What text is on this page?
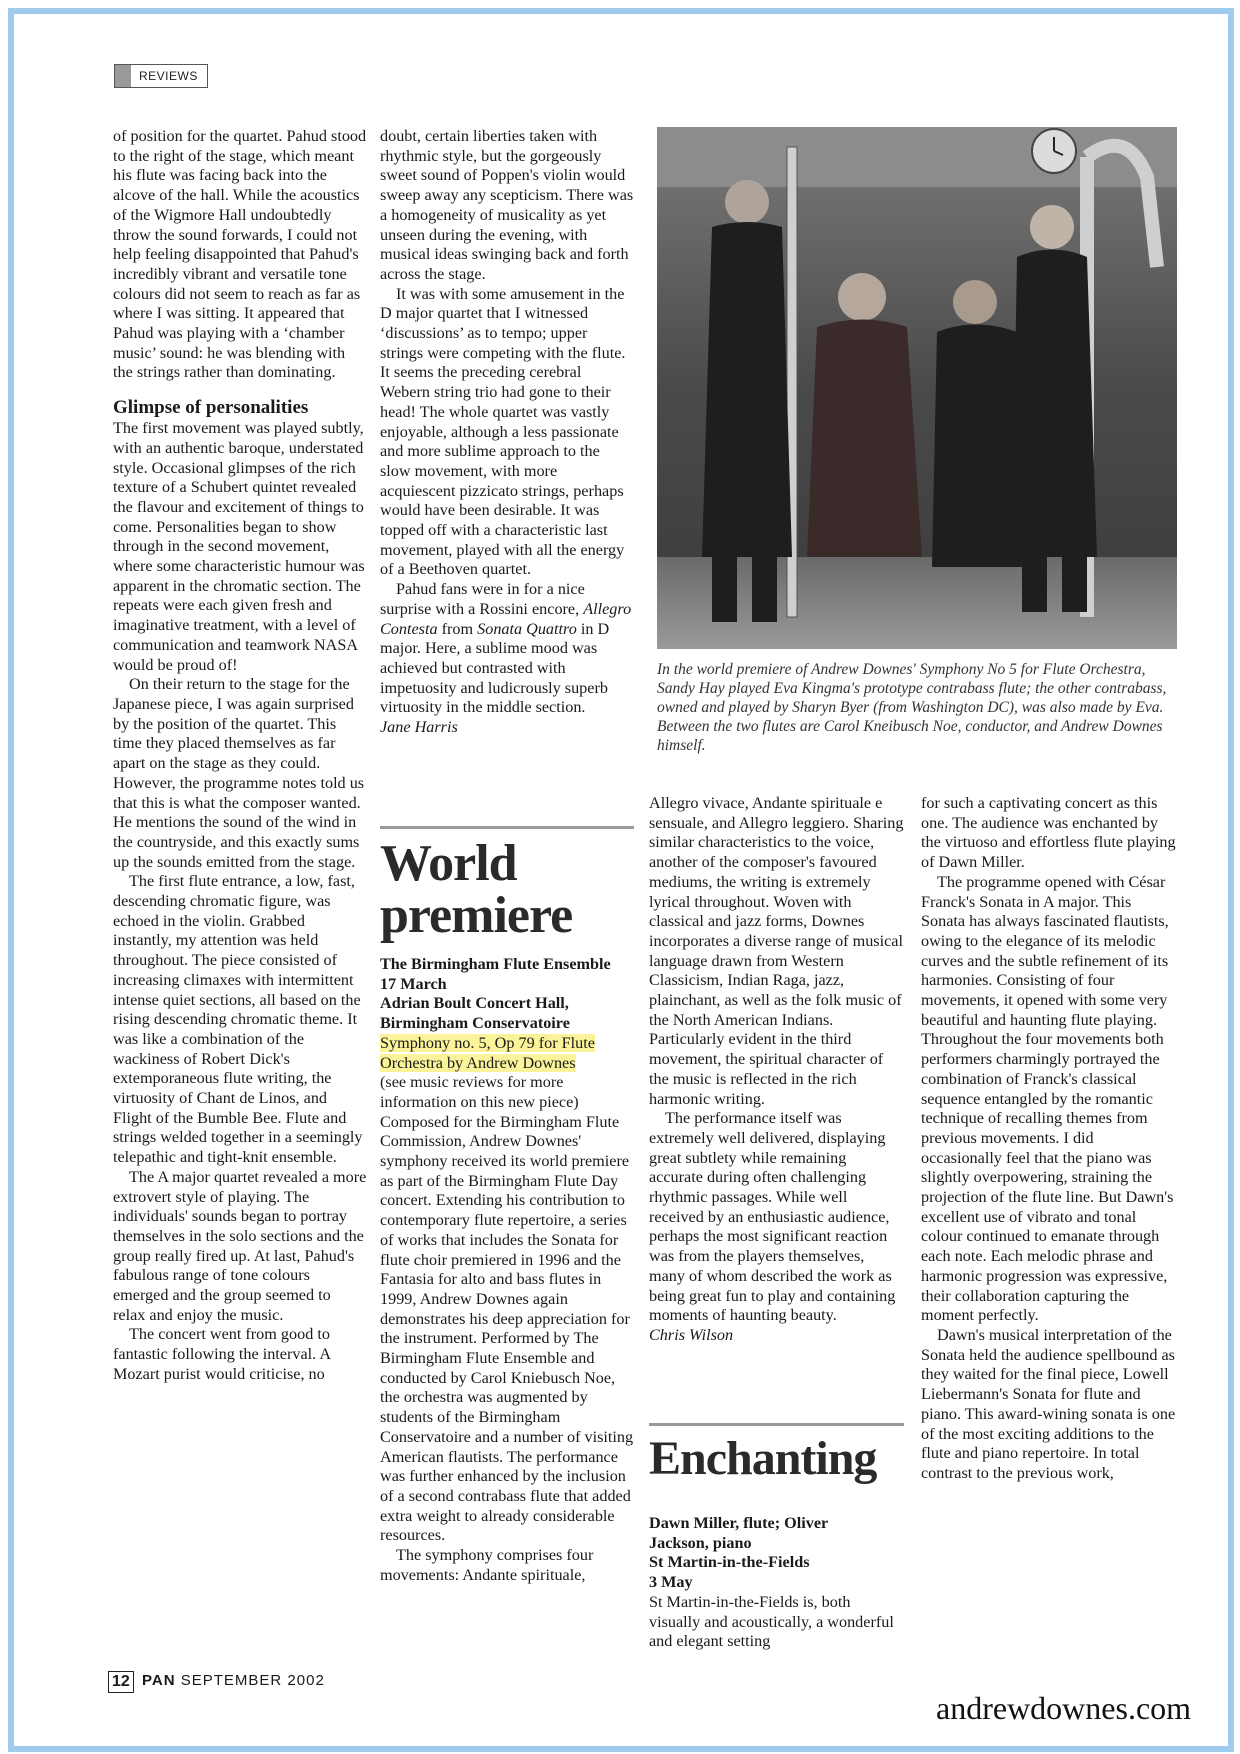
REVIEWS

of position for the quartet. Pahud stood to the right of the stage, which meant his flute was facing back into the alcove of the hall. While the acoustics of the Wigmore Hall undoubtedly throw the sound forwards, I could not help feeling disappointed that Pahud's incredibly vibrant and versatile tone colours did not seem to reach as far as where I was sitting. It appeared that Pahud was playing with a ‘chamber music’ sound: he was blending with the strings rather than dominating.

Glimpse of personalities

The first movement was played subtly, with an authentic baroque, understated style. Occasional glimpses of the rich texture of a Schubert quintet revealed the flavour and excitement of things to come. Personalities began to show through in the second movement, where some characteristic humour was apparent in the chromatic section. The repeats were each given fresh and imaginative treatment, with a level of communication and teamwork NASA would be proud of!

On their return to the stage for the Japanese piece, I was again surprised by the position of the quartet. This time they placed themselves as far apart on the stage as they could. However, the programme notes told us that this is what the composer wanted. He mentions the sound of the wind in the countryside, and this exactly sums up the sounds emitted from the stage.

The first flute entrance, a low, fast, descending chromatic figure, was echoed in the violin. Grabbed instantly, my attention was held throughout. The piece consisted of increasing climaxes with intermittent intense quiet sections, all based on the rising descending chromatic theme. It was like a combination of the wackiness of Robert Dick's extemporaneous flute writing, the virtuosity of Chant de Linos, and Flight of the Bumble Bee. Flute and strings welded together in a seemingly telepathic and tight-knit ensemble.

The A major quartet revealed a more extrovert style of playing. The individuals' sounds began to portray themselves in the solo sections and the group really fired up. At last, Pahud's fabulous range of tone colours emerged and the group seemed to relax and enjoy the music.

The concert went from good to fantastic following the interval. A Mozart purist would criticise, no

doubt, certain liberties taken with rhythmic style, but the gorgeously sweet sound of Poppen's violin would sweep away any scepticism. There was a homogeneity of musicality as yet unseen during the evening, with musical ideas swinging back and forth across the stage.

It was with some amusement in the D major quartet that I witnessed ‘discussions’ as to tempo; upper strings were competing with the flute. It seems the preceding cerebral Webern string trio had gone to their head! The whole quartet was vastly enjoyable, although a less passionate and more sublime approach to the slow movement, with more acquiescent pizzicato strings, perhaps would have been desirable. It was topped off with a characteristic last movement, played with all the energy of a Beethoven quartet.

Pahud fans were in for a nice surprise with a Rossini encore, Allegro Contesta from Sonata Quattro in D major. Here, a sublime mood was achieved but contrasted with impetuosity and ludicrously superb virtuosity in the middle section.

Jane Harris

World
premiere

The Birmingham Flute Ensemble

17 March

Adrian Boult Concert Hall,

Birmingham Conservatoire

Symphony no. 5, Op 79 for Flute Orchestra by Andrew Downes

(see music reviews for more information on this new piece) Composed for the Birmingham Flute Commission, Andrew Downes' symphony received its world premiere as part of the Birmingham Flute Day concert. Extending his contribution to contemporary flute repertoire, a series of works that includes the Sonata for flute choir premiered in 1996 and the Fantasia for alto and bass flutes in 1999, Andrew Downes again demonstrates his deep appreciation for the instrument. Performed by The Birmingham Flute Ensemble and conducted by Carol Kniebusch Noe, the orchestra was augmented by students of the Birmingham Conservatoire and a number of visiting American flautists. The performance was further enhanced by the inclusion of a second contrabass flute that added extra weight to already considerable resources.

The symphony comprises four movements: Andante spirituale,

In the world premiere of Andrew Downes' Symphony No 5 for Flute Orchestra, Sandy Hay played Eva Kingma's prototype contrabass flute; the other contrabass, owned and played by Sharyn Byer (from Washington DC), was also made by Eva. Between the two flutes are Carol Kneibusch Noe, conductor, and Andrew Downes himself.

Allegro vivace, Andante spirituale e sensuale, and Allegro leggiero. Sharing similar characteristics to the voice, another of the composer's favoured mediums, the writing is extremely lyrical throughout. Woven with classical and jazz forms, Downes incorporates a diverse range of musical language drawn from Western Classicism, Indian Raga, jazz, plainchant, as well as the folk music of the North American Indians. Particularly evident in the third movement, the spiritual character of the music is reflected in the rich harmonic writing.

The performance itself was extremely well delivered, displaying great subtlety while remaining accurate during often challenging rhythmic passages. While well received by an enthusiastic audience, perhaps the most significant reaction was from the players themselves, many of whom described the work as being great fun to play and containing moments of haunting beauty.

Chris Wilson

Enchanting

Dawn Miller, flute; Oliver

Jackson, piano

St Martin-in-the-Fields

3 May

St Martin-in-the-Fields is, both visually and acoustically, a wonderful and elegant setting

for such a captivating concert as this one. The audience was enchanted by the virtuoso and effortless flute playing of Dawn Miller.

The programme opened with César Franck's Sonata in A major. This Sonata has always fascinated flautists, owing to the elegance of its melodic curves and the subtle refinement of its harmonies. Consisting of four movements, it opened with some very beautiful and haunting flute playing. Throughout the four movements both performers charmingly portrayed the combination of Franck's classical sequence entangled by the romantic technique of recalling themes from previous movements. I did occasionally feel that the piano was slightly overpowering, straining the projection of the flute line. But Dawn's excellent use of vibrato and tonal colour continued to emanate through each note. Each melodic phrase and harmonic progression was expressive, their collaboration capturing the moment perfectly.

Dawn's musical interpretation of the Sonata held the audience spellbound as they waited for the final piece, Lowell Liebermann's Sonata for flute and piano. This award-wining sonata is one of the most exciting additions to the flute and piano repertoire. In total contrast to the previous work,

12 PAN SEPTEMBER 2002
andrewdownes.com
